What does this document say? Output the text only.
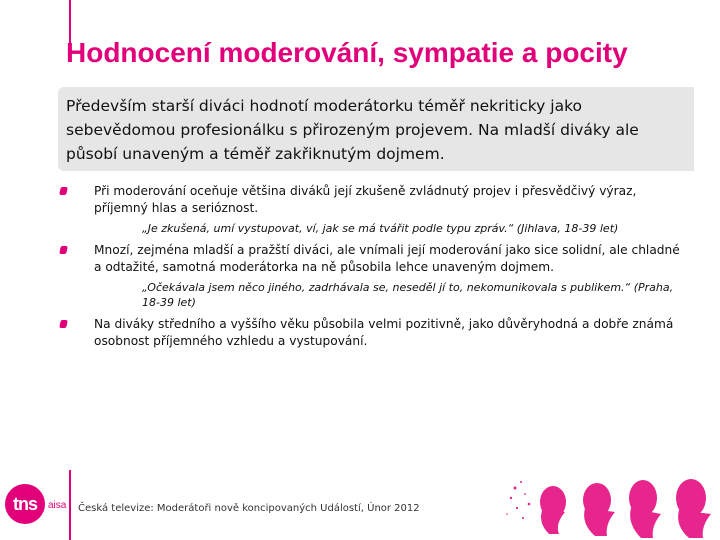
Hodnocení moderování, sympatie a pocity

Především starší diváci hodnotí moderátorku téměř nekriticky jako sebevědomou profesionálku s přirozeným projevem. Na mladší diváky ale působí unaveným a téměř zakřiknutým dojmem.

Při moderování oceňuje většina diváků její zkušeně zvládnutý projev i přesvědčivý výraz, příjemný hlas a serióznost.
„Je zkušená, umí vystupovat, ví, jak se má tvářit podle typu zpráv.“ (Jihlava, 18-39 let)
Mnozí, zejména mladší a pražští diváci, ale vnímali její moderování jako sice solidní, ale chladné a odtažité, samotná moderátorka na ně působila lehce unaveným dojmem.
„Očekávala jsem něco jiného, zadrhávala se, neseděl jí to, nekomunikovala s publikem.“ (Praha, 18-39 let)
Na diváky středního a vyššího věku působila velmi pozitivně, jako důvěryhodná a dobře známá osobnost příjemného vzhledu a vystupování.
tns	aisa Česká televize: Moderátoři nově koncipovaných Událostí, Únor 2012
